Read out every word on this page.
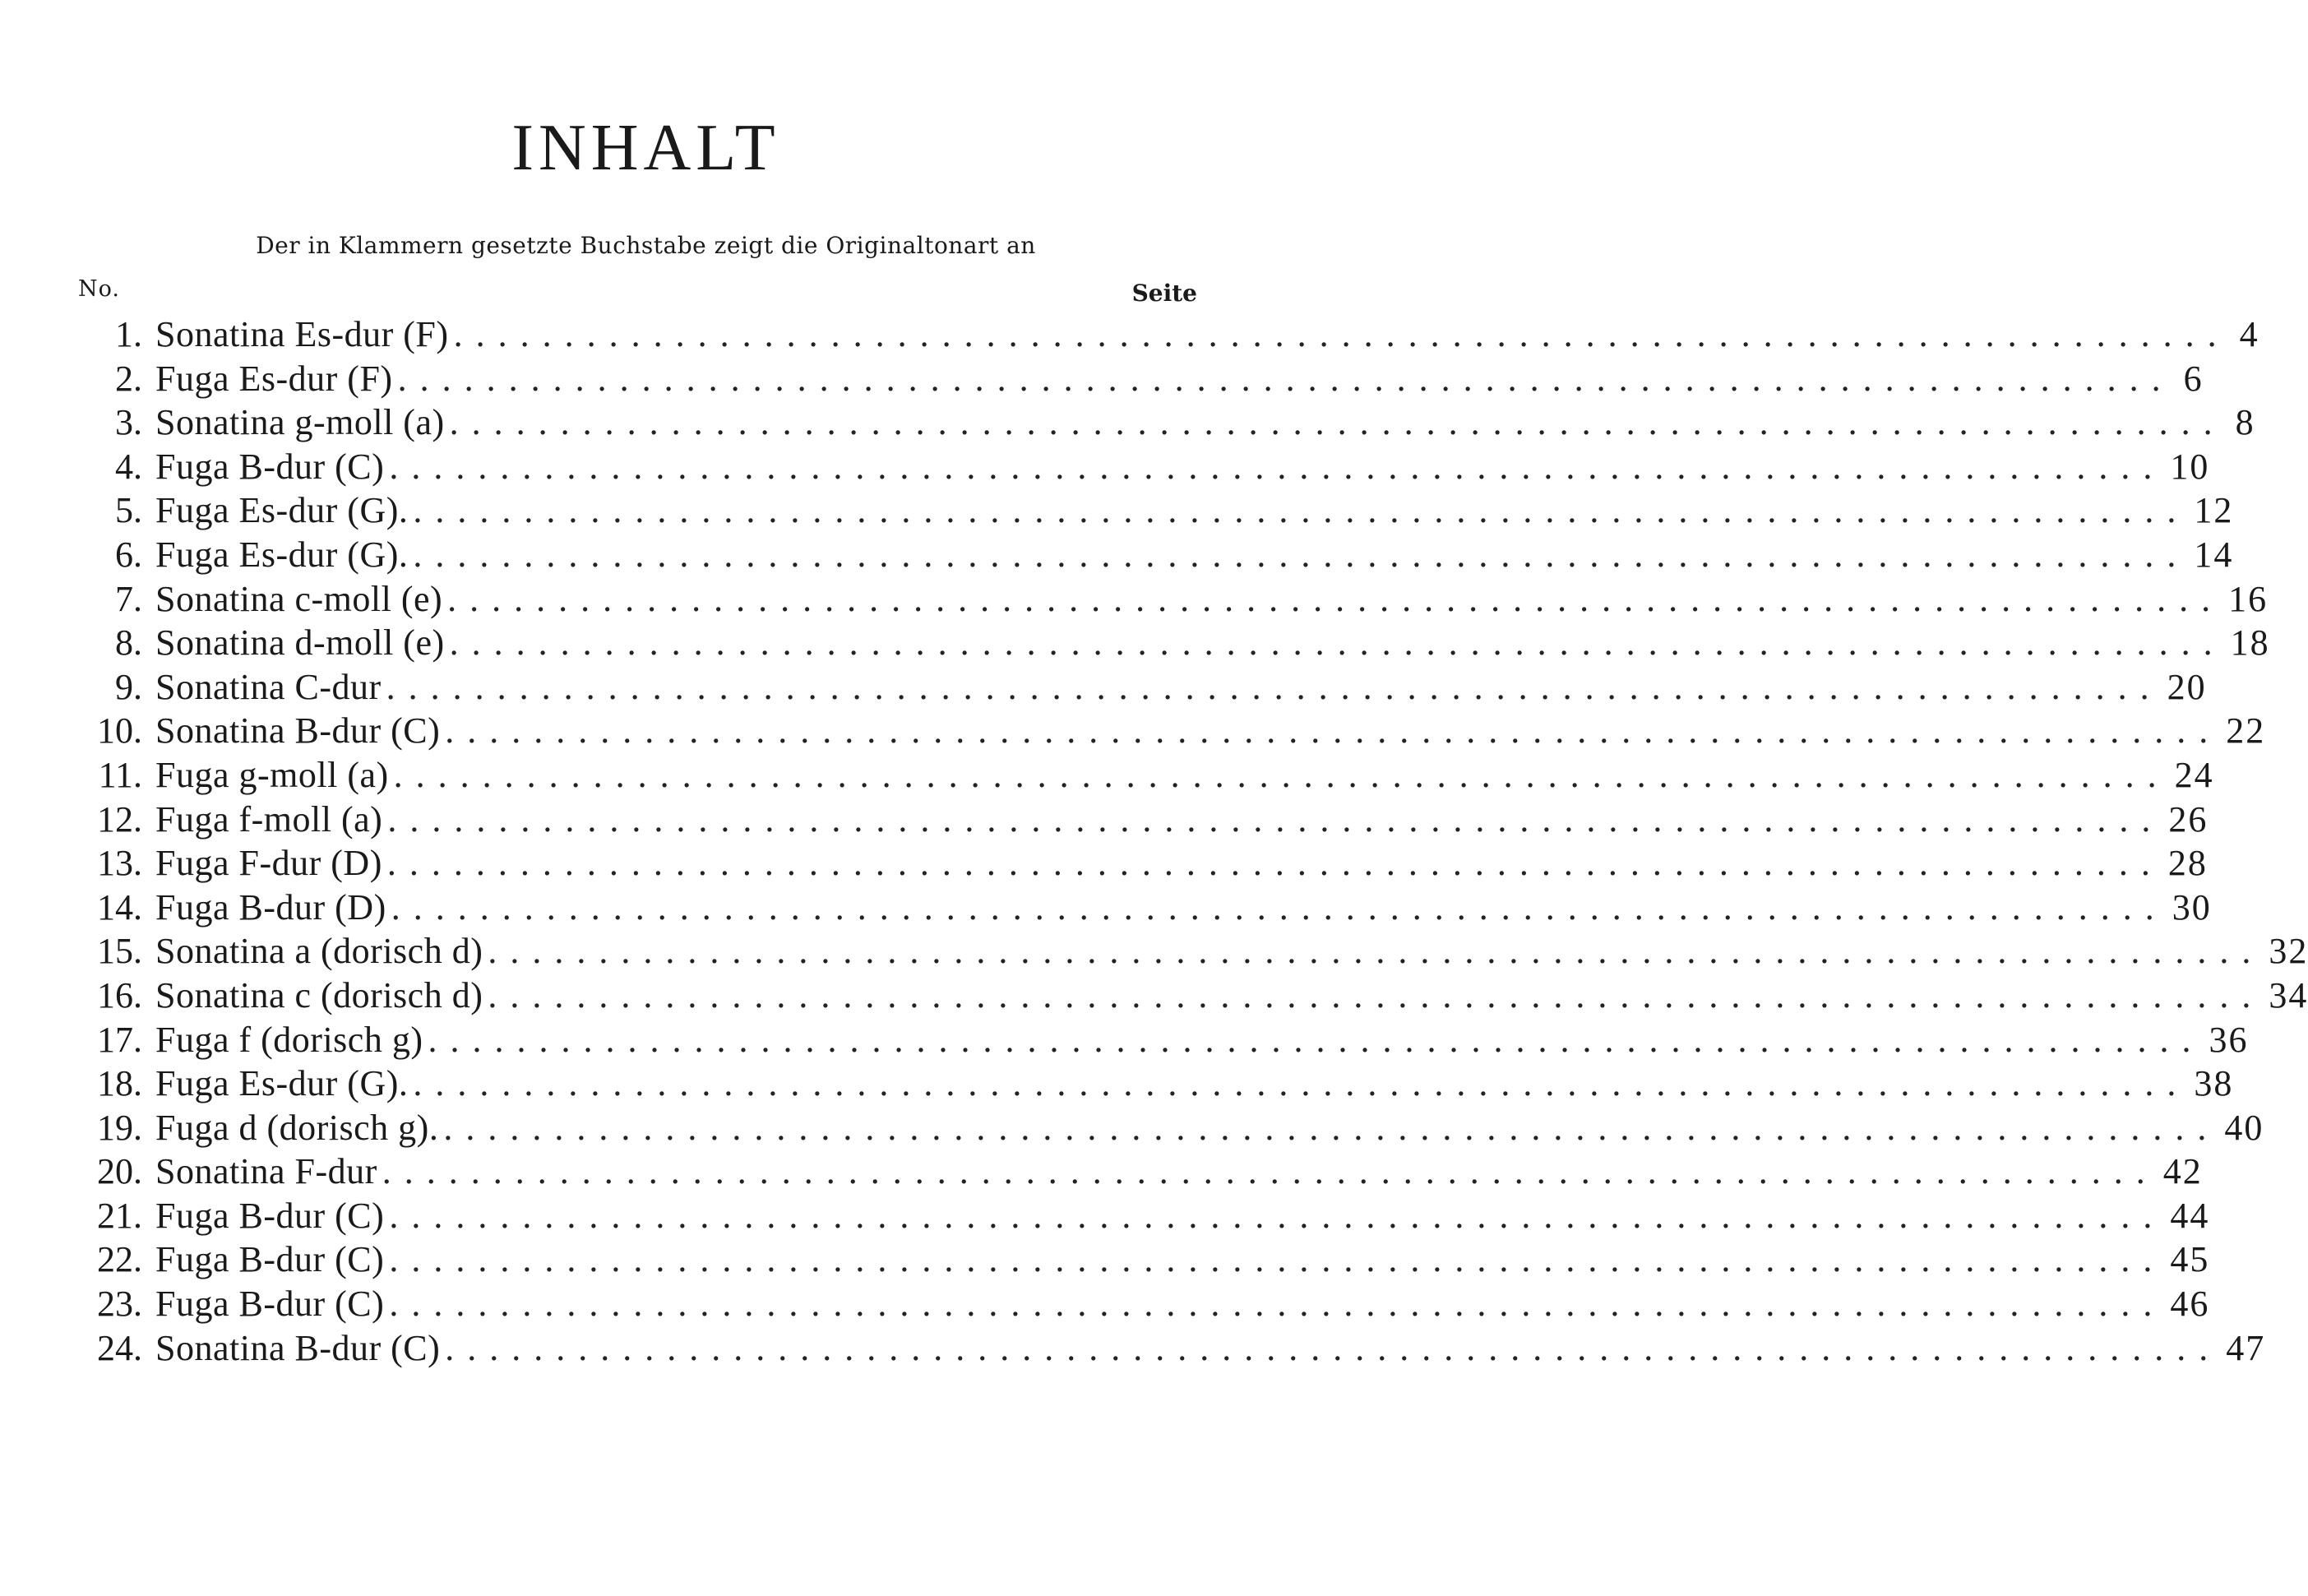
INHALT
Der in Klammern gesetzte Buchstabe zeigt die Originaltonart an
No.	Seite
1. Sonatina Es-dur (F) ................................................................................ 4
2. Fuga Es-dur (F) ................................................................................ 6
3. Sonatina g-moll (a) ................................................................................ 8
4. Fuga B-dur (C) ................................................................................ 10
5. Fuga Es-dur (G). ................................................................................ 12
6. Fuga Es-dur (G). ................................................................................ 14
7. Sonatina c-moll (e) ................................................................................ 16
8. Sonatina d-moll (e) ................................................................................ 18
9. Sonatina C-dur ................................................................................ 20
10. Sonatina B-dur (C) ................................................................................ 22
11. Fuga g-moll (a) ................................................................................ 24
12. Fuga f-moll (a) ................................................................................ 26
13. Fuga F-dur (D) ................................................................................ 28
14. Fuga B-dur (D) ................................................................................ 30
15. Sonatina a (dorisch d) ................................................................................ 32
16. Sonatina c (dorisch d) ................................................................................ 34
17. Fuga f (dorisch g) ................................................................................ 36
18. Fuga Es-dur (G). ................................................................................ 38
19. Fuga d (dorisch g). ................................................................................ 40
20. Sonatina F-dur ................................................................................ 42
21. Fuga B-dur (C) ................................................................................ 44
22. Fuga B-dur (C) ................................................................................ 45
23. Fuga B-dur (C) ................................................................................ 46
24. Sonatina B-dur (C) ................................................................................ 47
